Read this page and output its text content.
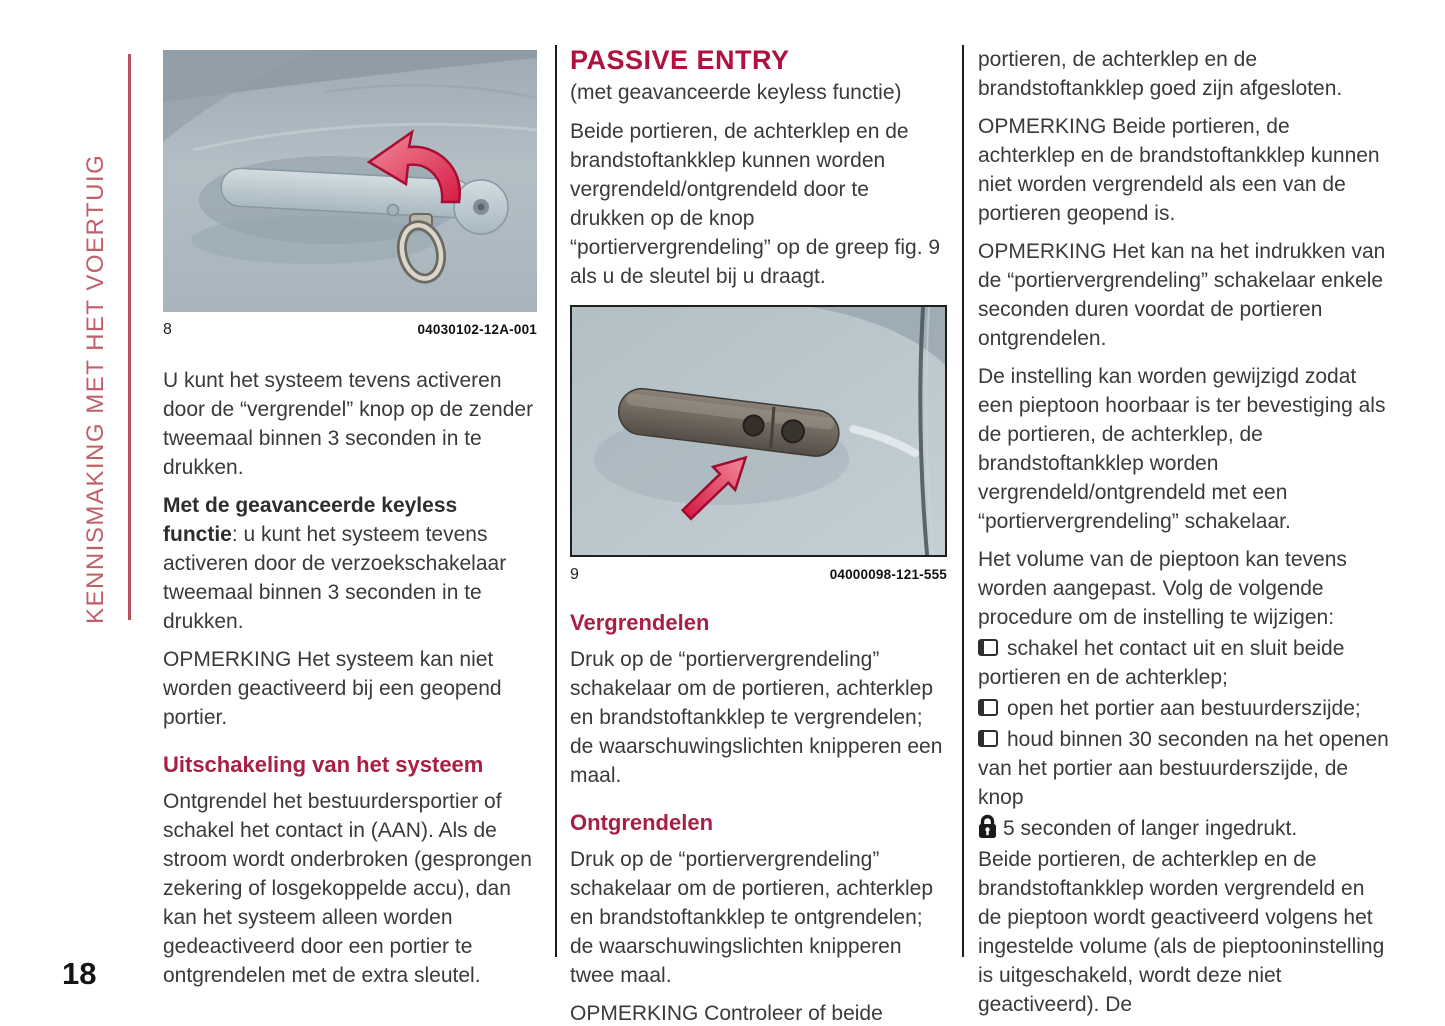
KENNISMAKING MET HET VOERTUIG
18
8	04030102-12A-001

U kunt het systeem tevens activeren door de “vergrendel” knop op de zender tweemaal binnen 3 seconden in te drukken.

Met de geavanceerde keyless functie: u kunt het systeem tevens activeren door de verzoekschakelaar tweemaal binnen 3 seconden in te drukken.

OPMERKING Het systeem kan niet worden geactiveerd bij een geopend portier.

Uitschakeling van het systeem

Ontgrendel het bestuurdersportier of schakel het contact in (AAN). Als de stroom wordt onderbroken (gesprongen zekering of losgekoppelde accu), dan kan het systeem alleen worden gedeactiveerd door een portier te ontgrendelen met de extra sleutel.

PASSIVE ENTRY
(met geavanceerde keyless functie)

Beide portieren, de achterklep en de brandstoftankklep kunnen worden vergrendeld/ontgrendeld door te drukken op de knop “portiervergrendeling” op de greep fig. 9 als u de sleutel bij u draagt.

9	04000098-121-555
Vergrendelen

Druk op de “portiervergrendeling” schakelaar om de portieren, achterklep en brandstoftankklep te vergrendelen; de waarschuwingslichten knipperen een maal.

Ontgrendelen

Druk op de “portiervergrendeling” schakelaar om de portieren, achterklep en brandstoftankklep te ontgrendelen; de waarschuwingslichten knipperen twee maal.

OPMERKING Controleer of beide

portieren, de achterklep en de brandstoftankklep goed zijn afgesloten.

OPMERKING Beide portieren, de achterklep en de brandstoftankklep kunnen niet worden vergrendeld als een van de portieren geopend is.

OPMERKING Het kan na het indrukken van de “portiervergrendeling” schakelaar enkele seconden duren voordat de portieren ontgrendelen.

De instelling kan worden gewijzigd zodat een pieptoon hoorbaar is ter bevestiging als de portieren, de achterklep, de brandstoftankklep worden vergrendeld/ontgrendeld met een “portiervergrendeling” schakelaar.

Het volume van de pieptoon kan tevens worden aangepast. Volg de volgende procedure om de instelling te wijzigen:

schakel het contact uit en sluit beide portieren en de achterklep;

open het portier aan bestuurderszijde;

houd binnen 30 seconden na het openen van het portier aan bestuurderszijde, de knop

5 seconden of langer ingedrukt.

Beide portieren, de achterklep en de brandstoftankklep worden vergrendeld en de pieptoon wordt geactiveerd volgens het ingestelde volume (als de pieptooninstelling is uitgeschakeld, wordt deze niet geactiveerd). De
